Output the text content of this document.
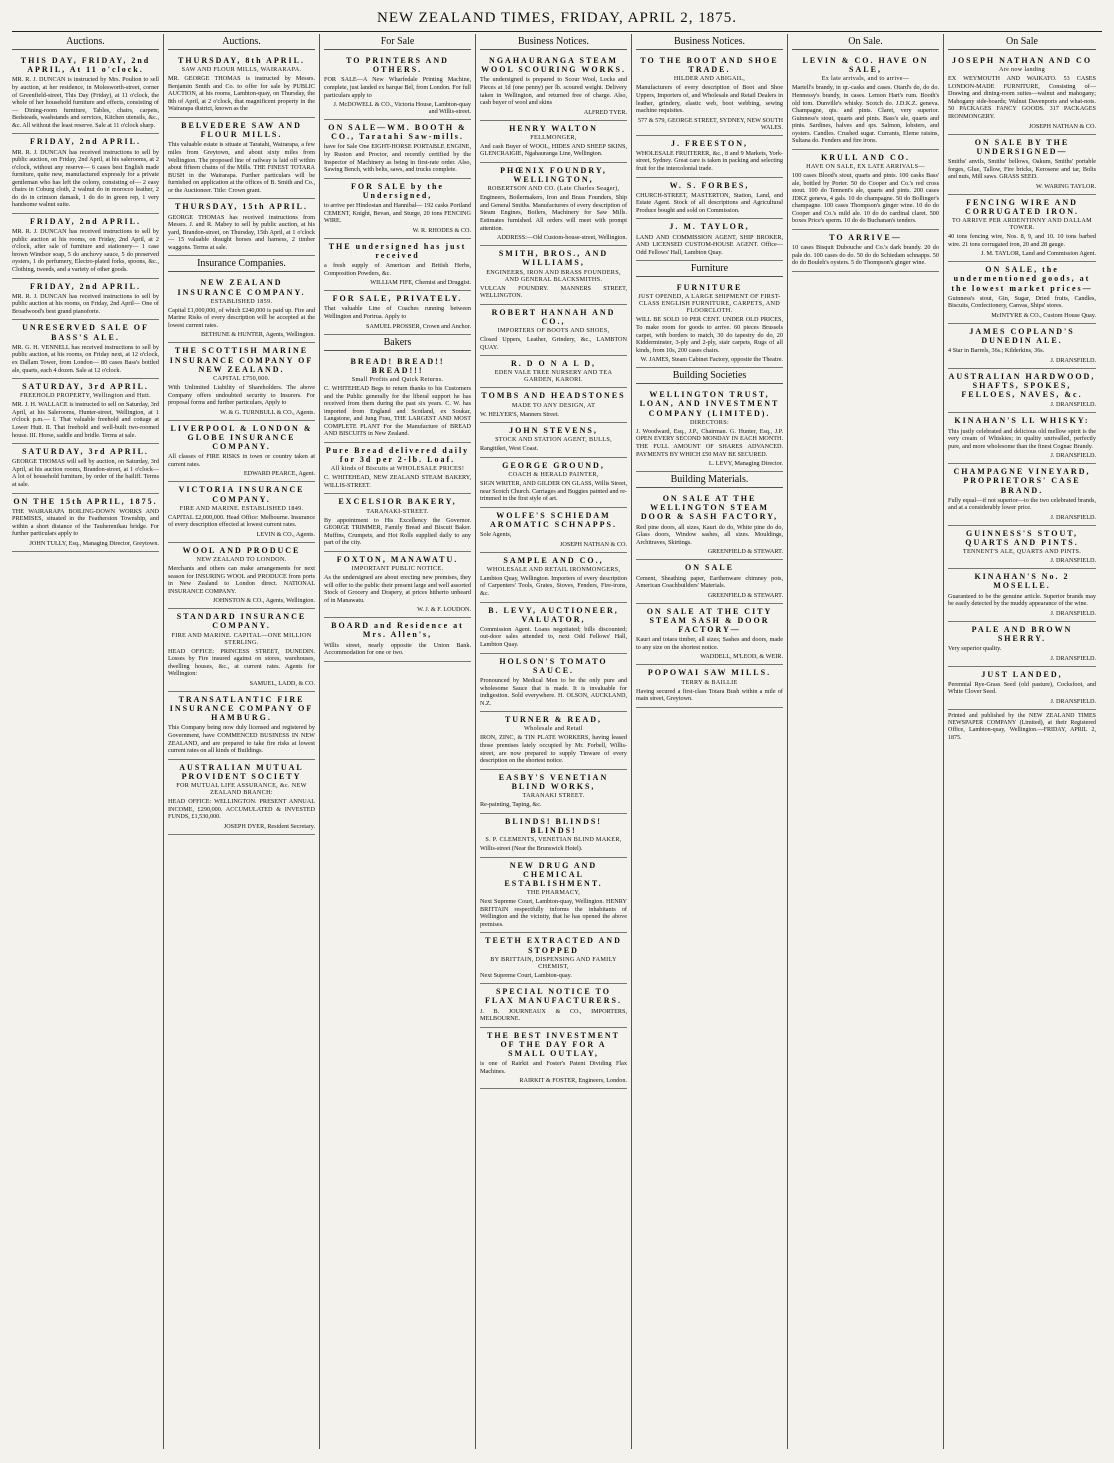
NEW ZEALAND TIMES, FRIDAY, APRIL 2, 1875.
Auctions.
THIS DAY, FRIDAY, 2nd APRIL, At 11 o'clock.
MR. R. J. DUNCAN is instructed by Mrs. Poulton to sell by auction, at her residence, in Molesworth-street, corner of Greenfield-street, This Day (Friday), at 11 o'clock, the whole of her household furniture and effects, consisting of— Dining-room furniture, Tables, chairs, carpets, Bedsteads, washstands and services, Kitchen utensils, &c., &c. All without the least reserve. Sale at 11 o'clock sharp.
FRIDAY, 2nd APRIL.
MR. R. J. DUNCAN has received instructions to sell by public auction, on Friday, 2nd April, at his salerooms, at 2 o'clock, without any reserve— 6 cases best English made furniture, quite new, manufactured expressly for a private gentleman who has left the colony, consisting of— 2 easy chairs in Coburg cloth, 2 walnut do in morocco leather, 2 do do in crimson damask, 1 do do in green rep, 1 very handsome walnut suite.
FRIDAY, 2nd APRIL.
MR. R. J. DUNCAN has received instructions to sell by public auction at his rooms, on Friday, 2nd April, at 2 o'clock, after sale of furniture and stationery— 1 case brown Windsor soap, 5 do anchovy sauce, 5 do preserved oysters, 1 do perfumery, Electro-plated forks, spoons, &c., Clothing, tweeds, and a variety of other goods.
FRIDAY, 2nd APRIL.
MR. R. J. DUNCAN has received instructions to sell by public auction at his rooms, on Friday, 2nd April— One of Broadwood's best grand pianoforte.
UNRESERVED SALE OF BASS'S ALE.
MR. G. H. VENNELL has received instructions to sell by public auction, at his rooms, on Friday next, at 12 o'clock, ex Dallam Tower, from London— 80 cases Bass's bottled ale, quarts, each 4 dozen. Sale at 12 o'clock.
SATURDAY, 3rd APRIL.
FREEHOLD PROPERTY, Wellington and Hutt.
MR. J. H. WALLACE is instructed to sell on Saturday, 3rd April, at his Salerooms, Hunter-street, Wellington, at 1 o'clock p.m.— I. That valuable freehold and cottage at Lower Hutt. II. That freehold and well-built two-roomed house. III. Horse, saddle and bridle. Terms at sale.
SATURDAY, 3rd APRIL.
GEORGE THOMAS will sell by auction, on Saturday, 3rd April, at his auction rooms, Brandon-street, at 1 o'clock— A lot of household furniture, by order of the bailiff. Terms at sale.
ON THE 15th APRIL, 1875.
THE WAIRARAPA BOILING-DOWN WORKS AND PREMISES, situated in the Featherston Township, and within a short distance of the Tauherenikau bridge. For further particulars apply to
JOHN TULLY, Esq., Managing Director, Greytown.
Auctions.
THURSDAY, 8th APRIL.
SAW AND FLOUR MILLS, WAIRARAPA.
MR. GEORGE THOMAS is instructed by Messrs. Benjamin Smith and Co. to offer for sale by PUBLIC AUCTION, at his rooms, Lambton-quay, on Thursday, the 8th of April, at 2 o'clock, that magnificent property in the Wairarapa district, known as the
BELVEDERE SAW AND FLOUR MILLS.
This valuable estate is situate at Taratahi, Wairarapa, a few miles from Greytown, and about sixty miles from Wellington. The proposed line of railway is laid off within about fifteen chains of the Mills. THE FINEST TOTARA BUSH in the Wairarapa. Further particulars will be furnished on application at the offices of B. Smith and Co., or the Auctioneer. Title: Crown grant.
THURSDAY, 15th APRIL.
GEORGE THOMAS has received instructions from Messrs. J. and R. Mabey to sell by public auction, at his yard, Brandon-street, on Thursday, 15th April, at 1 o'clock— 15 valuable draught horses and harness, 2 timber waggons. Terms at sale.
Insurance Companies.
NEW ZEALAND INSURANCE COMPANY.
ESTABLISHED 1859.
Capital £1,000,000, of which £240,000 is paid up. Fire and Marine Risks of every description will be accepted at the lowest current rates.
BETHUNE & HUNTER, Agents, Wellington.
THE SCOTTISH MARINE INSURANCE COMPANY OF NEW ZEALAND.
CAPITAL £750,000.
With Unlimited Liability of Shareholders. The above Company offers undoubted security to Insurers. For proposal forms and further particulars, Apply to
W. & G. TURNBULL & CO., Agents.
LIVERPOOL & LONDON & GLOBE INSURANCE COMPANY.
All classes of FIRE RISKS in town or country taken at current rates.
EDWARD PEARCE, Agent.
VICTORIA INSURANCE COMPANY.
FIRE AND MARINE. ESTABLISHED 1849.
CAPITAL £2,000,000. Head Office: Melbourne. Insurance of every description effected at lowest current rates.
LEVIN & CO., Agents.
WOOL AND PRODUCE
NEW ZEALAND TO LONDON.
Merchants and others can make arrangements for next season for INSURING WOOL and PRODUCE from ports in New Zealand to London direct. NATIONAL INSURANCE COMPANY.
JOHNSTON & CO., Agents, Wellington.
STANDARD INSURANCE COMPANY.
FIRE AND MARINE. CAPITAL—ONE MILLION STERLING.
HEAD OFFICE: PRINCESS STREET, DUNEDIN. Losses by Fire insured against on stores, warehouses, dwelling houses, &c., at current rates. Agents for Wellington:
SAMUEL, LADD, & CO.
TRANSATLANTIC FIRE INSURANCE COMPANY OF HAMBURG.
This Company being now duly licensed and registered by Government, have COMMENCED BUSINESS IN NEW ZEALAND, and are prepared to take fire risks at lowest current rates on all kinds of Buildings.
AUSTRALIAN MUTUAL PROVIDENT SOCIETY
FOR MUTUAL LIFE ASSURANCE, &c. NEW ZEALAND BRANCH:
HEAD OFFICE: WELLINGTON. PRESENT ANNUAL INCOME, £290,000. ACCUMULATED & INVESTED FUNDS, £1,530,000.
JOSEPH DYER, Resident Secretary.
For Sale
TO PRINTERS AND OTHERS.
FOR SALE—A New Wharfedale Printing Machine, complete, just landed ex barque Bel, from London. For full particulars apply to
J. McDOWELL & CO., Victoria House, Lambton-quay and Willis-street.
ON SALE—WM. BOOTH & CO., Taratahi Saw-mills.
have for Sale One EIGHT-HORSE PORTABLE ENGINE, by Ruston and Proctor, and recently certified by the Inspector of Machinery as being in first-rate order. Also, Sawing Bench, with belts, saws, and trucks complete.
FOR SALE by the Undersigned,
to arrive per Hindostan and Hannibal— 192 casks Portland CEMENT, Knight, Bevan, and Sturge, 20 tons FENCING WIRE.
W. R. RHODES & CO.
THE undersigned has just received
a fresh supply of American and British Herbs, Composition Powders, &c.
WILLIAM FIFE, Chemist and Druggist.
FOR SALE, PRIVATELY.
That valuable Line of Coaches running between Wellington and Porirua. Apply to
SAMUEL PROSSER, Crown and Anchor.
Bakers
BREAD! BREAD!! BREAD!!!
Small Profits and Quick Returns.
C. WHITEHEAD Begs to return thanks to his Customers and the Public generally for the liberal support he has received from them during the past six years. C. W. has imported from England and Scotland, ex Soukar, Langstone, and Jung Frau, THE LARGEST AND MOST COMPLETE PLANT For the Manufacture of BREAD AND BISCUITS in New Zealand.
Pure Bread delivered daily for 3d per 2-lb. Loaf.
All kinds of Biscuits at WHOLESALE PRICES!
C. WHITEHEAD, NEW ZEALAND STEAM BAKERY, WILLIS-STREET.
EXCELSIOR BAKERY,
TARANAKI-STREET.
By appointment to His Excellency the Governor. GEORGE TRIMMER, Family Bread and Biscuit Baker. Muffins, Crumpets, and Hot Rolls supplied daily to any part of the city.
FOXTON, MANAWATU.
IMPORTANT PUBLIC NOTICE.
As the undersigned are about erecting new premises, they will offer to the public their present large and well assorted Stock of Grocery and Drapery, at prices hitherto unheard of in Manawatu.
W. J. & F. LOUDON.
BOARD and Residence at Mrs. Allen's,
Willis street, nearly opposite the Union Bank. Accommodation for one or two.
Business Notices.
NGAHAURANGA STEAM WOOL SCOURING WORKS.
The undersigned is prepared to Scour Wool, Locks and Pieces at 1d (one penny) per lb. scoured weight. Delivery taken in Wellington, and returned free of charge. Also, cash buyer of wool and skins
ALFRED TYER.
HENRY WALTON
FELLMONGER,
And cash Buyer of WOOL, HIDES AND SHEEP SKINS, GLENCRAIGIE, Ngahauranga Line, Wellington.
PHŒNIX FOUNDRY, WELLINGTON,
ROBERTSON AND CO. (Late Charles Seager),
Engineers, Boilermakers, Iron and Brass Founders, Ship and General Smiths. Manufacturers of every description of Steam Engines, Boilers, Machinery for Saw Mills. Estimates furnished. All orders will meet with prompt attention.
ADDRESS:—Old Custom-house-street, Wellington.
SMITH, BROS., AND WILLIAMS,
ENGINEERS, IRON AND BRASS FOUNDERS, AND GENERAL BLACKSMITHS.
VULCAN FOUNDRY. MANNERS STREET, WELLINGTON.
ROBERT HANNAH AND CO.,
IMPORTERS OF BOOTS AND SHOES,
Closed Uppers, Leather, Grindery, &c., LAMBTON QUAY.
R. D O N A L D,
EDEN VALE TREE NURSERY AND TEA GARDEN, KARORI.
TOMBS AND HEADSTONES
MADE TO ANY DESIGN, AT
W. HELYER'S, Manners Street.
JOHN STEVENS,
STOCK AND STATION AGENT, BULLS,
Rangitikei, West Coast.
GEORGE GROUND,
COACH & HERALD PAINTER,
SIGN WRITER, AND GILDER ON GLASS, Willis Street, near Scotch Church. Carriages and Buggies painted and re-trimmed in the first style of art.
WOLFE'S SCHIEDAM AROMATIC SCHNAPPS.
Sole Agents,
JOSEPH NATHAN & CO.
SAMPLE AND CO.,
WHOLESALE AND RETAIL IRONMONGERS,
Lambton Quay, Wellington. Importers of every description of Carpenters' Tools, Grates, Stoves, Fenders, Fire-irons, &c.
B. LEVY, AUCTIONEER, VALUATOR,
Commission Agent. Loans negotiated; bills discounted; out-door sales attended to, next Odd Fellows' Hall, Lambton Quay.
HOLSON'S TOMATO SAUCE.
Pronounced by Medical Men to be the only pure and wholesome Sauce that is made. It is invaluable for indigestion. Sold everywhere. H. OLSON, AUCKLAND, N.Z.
TURNER & READ,
Wholesale and Retail
IRON, ZINC, & TIN PLATE WORKERS, having leased those premises lately occupied by Mr. Forbell, Willis-street, are now prepared to supply Tinware of every description on the shortest notice.
EASBY'S VENETIAN BLIND WORKS,
TARANAKI STREET.
Re-painting, Taping, &c.
BLINDS! BLINDS! BLINDS!
S. P. CLEMENTS, VENETIAN BLIND MAKER,
Willis-street (Near the Brunswick Hotel).
NEW DRUG AND CHEMICAL ESTABLISHMENT.
THE PHARMACY,
Next Supreme Court, Lambton-quay, Wellington. HENRY BRITTAIN respectfully informs the inhabitants of Wellington and the vicinity, that he has opened the above premises.
TEETH EXTRACTED AND STOPPED
BY BRITTAIN, DISPENSING AND FAMILY CHEMIST,
Next Supreme Court, Lambton-quay.
SPECIAL NOTICE TO FLAX MANUFACTURERS.
J. B. JOURNEAUX & CO., IMPORTERS, MELBOURNE.
THE BEST INVESTMENT OF THE DAY FOR A SMALL OUTLAY,
is one of Rairkit and Foster's Patent Dividing Flax Machines.
RAIRKIT & FOSTER, Engineers, London.
Business Notices.
TO THE BOOT AND SHOE TRADE.
HILDER AND ABIGAIL,
Manufacturers of every description of Boot and Shoe Uppers, Importers of, and Wholesale and Retail Dealers in leather, grindery, elastic web, boot webbing, sewing machine requisites.
577 & 579, GEORGE STREET, SYDNEY, NEW SOUTH WALES.
J. FREESTON,
WHOLESALE FRUITERER, &c., 8 and 9 Markets, York-street, Sydney. Great care is taken in packing and selecting fruit for the intercolonial trade.
W. S. FORBES,
CHURCH-STREET, MASTERTON, Station, Land, and Estate Agent. Stock of all descriptions and Agricultural Produce bought and sold on Commission.
J. M. TAYLOR,
LAND AND COMMISSION AGENT, SHIP BROKER, AND LICENSED CUSTOM-HOUSE AGENT. Office—Odd Fellows' Hall, Lambton Quay.
Furniture
FURNITURE
JUST OPENED, A LARGE SHIPMENT OF FIRST-CLASS ENGLISH FURNITURE, CARPETS, AND FLOORCLOTH.
WILL BE SOLD 10 PER CENT. UNDER OLD PRICES, To make room for goods to arrive. 60 pieces Brussels carpet, with borders to match, 30 do tapestry do do, 20 Kidderminster, 3-ply and 2-ply, stair carpets, Rugs of all kinds, from 10s, 200 cases chairs.
W. JAMES, Steam Cabinet Factory, opposite the Theatre.
Building Societies
WELLINGTON TRUST, LOAN, AND INVESTMENT COMPANY (LIMITED).
DIRECTORS:
J. Woodward, Esq., J.P., Chairman. G. Hunter, Esq., J.P. OPEN EVERY SECOND MONDAY IN EACH MONTH. THE FULL AMOUNT OF SHARES ADVANCED. PAYMENTS BY WHICH £50 MAY BE SECURED.
L. LEVY, Managing Director.
Building Materials.
ON SALE AT THE WELLINGTON STEAM DOOR & SASH FACTORY,
Red pine doors, all sizes, Kauri do do, White pine do do, Glass doors, Window sashes, all sizes. Mouldings, Architraves, Skirtings.
GREENFIELD & STEWART.
ON SALE
Cement, Sheathing paper, Earthenware chimney pots, American Coachbuilders' Materials.
GREENFIELD & STEWART.
ON SALE AT THE CITY STEAM SASH & DOOR FACTORY—
Kauri and totara timber, all sizes; Sashes and doors, made to any size on the shortest notice.
WADDELL, M'LEOD, & WEIR.
POPOWAI SAW MILLS.
TERRY & BAILLIE
Having secured a first-class Totara Bush within a mile of main street, Greytown.
On Sale.
LEVIN & CO. HAVE ON SALE,
Ex late arrivals, and to arrive—
Martell's brandy, in qr.-casks and cases. Otard's do, do do. Hennessy's brandy, in cases. Lemon Hart's rum. Booth's old tom. Dunville's whisky. Scotch do. J.D.K.Z. geneva. Champagne, qts. and pints. Claret, very superior. Guinness's stout, quarts and pints. Bass's ale, quarts and pints. Sardines, halves and qrs. Salmon, lobsters, and oysters. Candles. Crushed sugar. Currants, Eleme raisins, Sultana do. Fenders and fire irons.
KRULL AND CO.
HAVE ON SALE, EX LATE ARRIVALS—
100 cases Blood's stout, quarts and pints. 100 casks Bass' ale, bottled by Porter. 50 do Cooper and Co.'s red cross stout. 100 do Tennent's ale, quarts and pints. 200 cases JDKZ geneva, 4 gals. 10 do champagne. 50 do Bollinger's champagne. 100 cases Thompson's ginger wine. 10 do do Cooper and Co.'s mild ale. 10 do do cardinal claret. 500 boxes Price's sperm. 10 do do Buchanan's tenders.
TO ARRIVE—
10 cases Bisquit Dubouche and Co.'s dark brandy. 20 do pale do. 100 cases do do. 50 do do Schiedam schnapps. 50 do do Bouleh's oysters. 5 do Thompson's ginger wine.
On Sale
JOSEPH NATHAN AND CO
Are now landing
EX WEYMOUTH AND WAIKATO. 53 CASES LONDON-MADE FURNITURE, Consisting of— Drawing and dining-room suites—walnut and mahogany; Mahogany side-boards; Walnut Davenports and what-nots. 50 PACKAGES FANCY GOODS. 317 PACKAGES IRONMONGERY.
JOSEPH NATHAN & CO.
ON SALE BY THE UNDERSIGNED—
Smiths' anvils, Smiths' bellows, Oakum, Smiths' portable forges, Glue, Tallow, Fire bricks, Kerosene and tar, Bolts and nuts, Mill saws. GRASS SEED.
W. WARING TAYLOR.
FENCING WIRE AND CORRUGATED IRON.
TO ARRIVE PER ARDENTINNY AND DALLAM TOWER.
40 tons fencing wire, Nos. 8, 9, and 10. 10 tons barbed wire. 21 tons corrugated iron, 20 and 28 gauge.
J. M. TAYLOR, Land and Commission Agent.
ON SALE, the undermentioned goods, at the lowest market prices—
Guinness's stout, Gin, Sugar, Dried fruits, Candles, Biscuits, Confectionery, Canvas, Ships' stores.
McINTYRE & CO., Custom House Quay.
JAMES COPLAND'S DUNEDIN ALE.
4 Star in Barrels, 36s.; Kilderkins, 36s.
J. DRANSFIELD.
AUSTRALIAN HARDWOOD, SHAFTS, SPOKES, FELLOES, NAVES, &c.
J. DRANSFIELD.
KINAHAN'S LL WHISKY:
This justly celebrated and delicious old mellow spirit is the very cream of Whiskies; in quality unrivalled, perfectly pure, and more wholesome than the finest Cognac Brandy.
J. DRANSFIELD.
CHAMPAGNE VINEYARD, PROPRIETORS' CASE BRAND.
Fully equal—if not superior—to the two celebrated brands, and at a considerably lower price.
J. DRANSFIELD.
GUINNESS'S STOUT, QUARTS AND PINTS.
TENNENT'S ALE, QUARTS AND PINTS.
J. DRANSFIELD.
KINAHAN'S No. 2 MOSELLE.
Guaranteed to be the genuine article. Superior brands may be easily detected by the muddy appearance of the wine.
J. DRANSFIELD.
PALE AND BROWN SHERRY.
Very superior quality.
J. DRANSFIELD.
JUST LANDED,
Perennial Rye-Grass Seed (old pasture), Cocksfoot, and White Clover Seed.
J. DRANSFIELD.
Printed and published by the NEW ZEALAND TIMES NEWSPAPER COMPANY (Limited), at their Registered Office, Lambton-quay, Wellington.—FRIDAY, APRIL 2, 1875.
